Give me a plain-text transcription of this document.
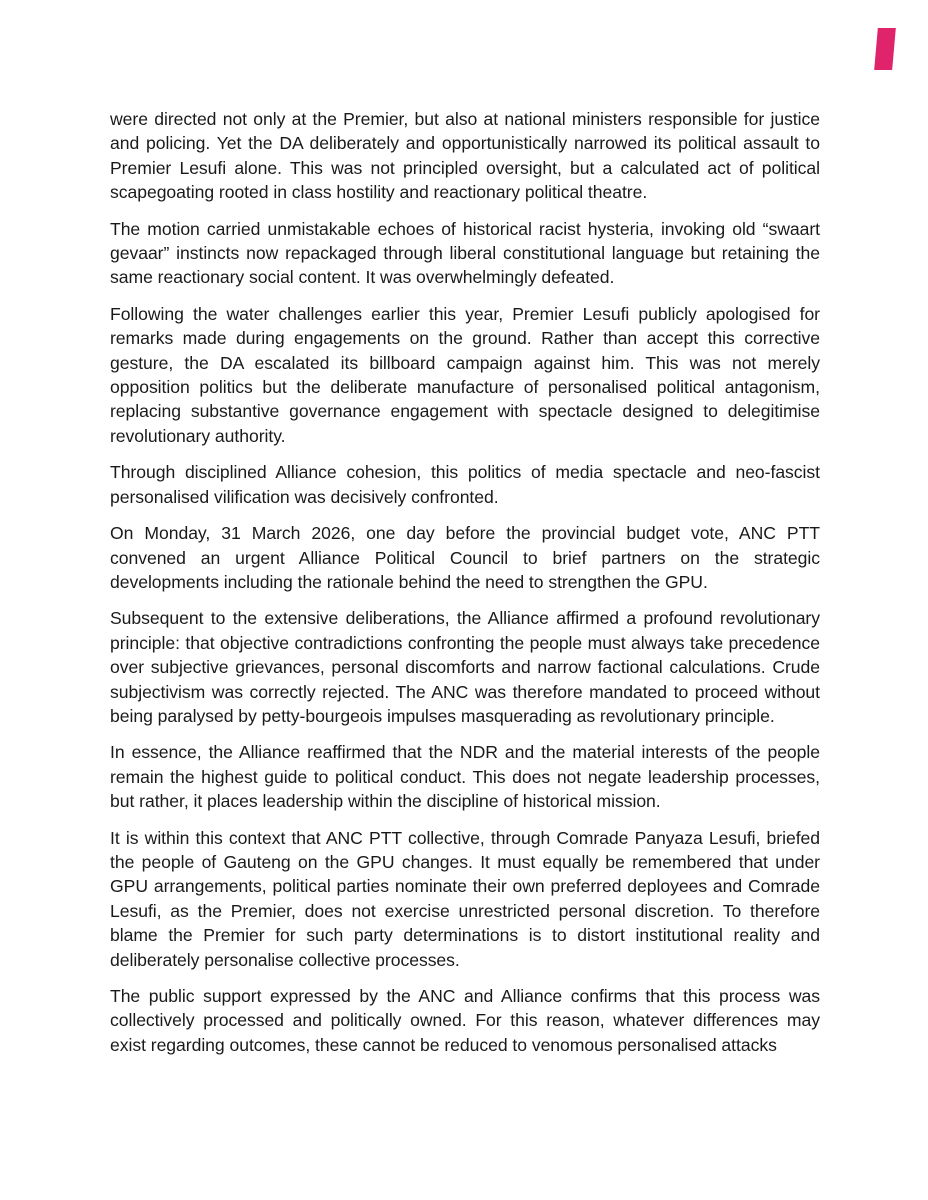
were directed not only at the Premier, but also at national ministers responsible for justice and policing. Yet the DA deliberately and opportunistically narrowed its political assault to Premier Lesufi alone. This was not principled oversight, but a calculated act of political scapegoating rooted in class hostility and reactionary political theatre.

The motion carried unmistakable echoes of historical racist hysteria, invoking old “swaart gevaar” instincts now repackaged through liberal constitutional language but retaining the same reactionary social content. It was overwhelmingly defeated.

Following the water challenges earlier this year, Premier Lesufi publicly apologised for remarks made during engagements on the ground. Rather than accept this corrective gesture, the DA escalated its billboard campaign against him. This was not merely opposition politics but the deliberate manufacture of personalised political antagonism, replacing substantive governance engagement with spectacle designed to delegitimise revolutionary authority.

Through disciplined Alliance cohesion, this politics of media spectacle and neo-fascist personalised vilification was decisively confronted.

On Monday, 31 March 2026, one day before the provincial budget vote, ANC PTT convened an urgent Alliance Political Council to brief partners on the strategic developments including the rationale behind the need to strengthen the GPU.

Subsequent to the extensive deliberations, the Alliance affirmed a profound revolutionary principle: that objective contradictions confronting the people must always take precedence over subjective grievances, personal discomforts and narrow factional calculations. Crude subjectivism was correctly rejected. The ANC was therefore mandated to proceed without being paralysed by petty-bourgeois impulses masquerading as revolutionary principle.

In essence, the Alliance reaffirmed that the NDR and the material interests of the people remain the highest guide to political conduct. This does not negate leadership processes, but rather, it places leadership within the discipline of historical mission.

It is within this context that ANC PTT collective, through Comrade Panyaza Lesufi, briefed the people of Gauteng on the GPU changes. It must equally be remembered that under GPU arrangements, political parties nominate their own preferred deployees and Comrade Lesufi, as the Premier, does not exercise unrestricted personal discretion. To therefore blame the Premier for such party determinations is to distort institutional reality and deliberately personalise collective processes.

The public support expressed by the ANC and Alliance confirms that this process was collectively processed and politically owned. For this reason, whatever differences may exist regarding outcomes, these cannot be reduced to venomous personalised attacks
